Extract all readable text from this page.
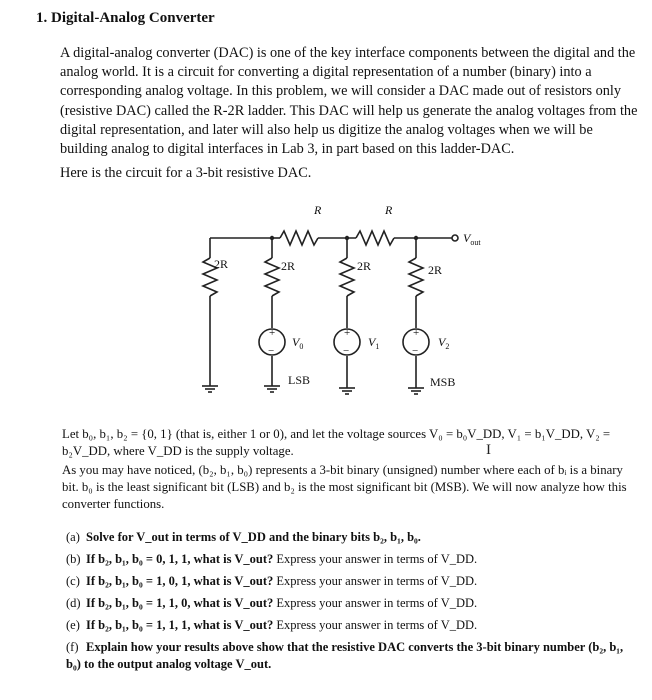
1. Digital-Analog Converter
A digital-analog converter (DAC) is one of the key interface components between the digital and the analog world. It is a circuit for converting a digital representation of a number (binary) into a corresponding analog voltage. In this problem, we will consider a DAC made out of resistors only (resistive DAC) called the R-2R ladder. This DAC will help us generate the analog voltages from the digital representation, and later will also help us digitize the analog voltages when we will be building analog to digital interfaces in Lab 3, in part based on this ladder-DAC.
Here is the circuit for a 3-bit resistive DAC.
+
−
+
−
+
−
R	R
2R	2R	2R	2R
$V_{out}$
$V_0$	$V_1$	$V_2$
LSB	MSB
Let b₀, b₁, b₂ = {0, 1} (that is, either 1 or 0), and let the voltage sources V₀ = b₀V_DD, V₁ = b₁V_DD, V₂ = b₂V_DD, where V_DD is the supply voltage.	I
As you may have noticed, (b₂, b₁, b₀) represents a 3-bit binary (unsigned) number where each of bᵢ is a binary bit. b₀ is the least significant bit (LSB) and b₂ is the most significant bit (MSB). We will now analyze how this converter functions.
(a) Solve for V_out in terms of V_DD and the binary bits b₂, b₁, b₀.
(b) If b₂, b₁, b₀ = 0, 1, 1, what is V_out? Express your answer in terms of V_DD.
(c) If b₂, b₁, b₀ = 1, 0, 1, what is V_out? Express your answer in terms of V_DD.
(d) If b₂, b₁, b₀ = 1, 1, 0, what is V_out? Express your answer in terms of V_DD.
(e) If b₂, b₁, b₀ = 1, 1, 1, what is V_out? Express your answer in terms of V_DD.
(f) Explain how your results above show that the resistive DAC converts the 3-bit binary number (b₂, b₁, b₀) to the output analog voltage V_out.
